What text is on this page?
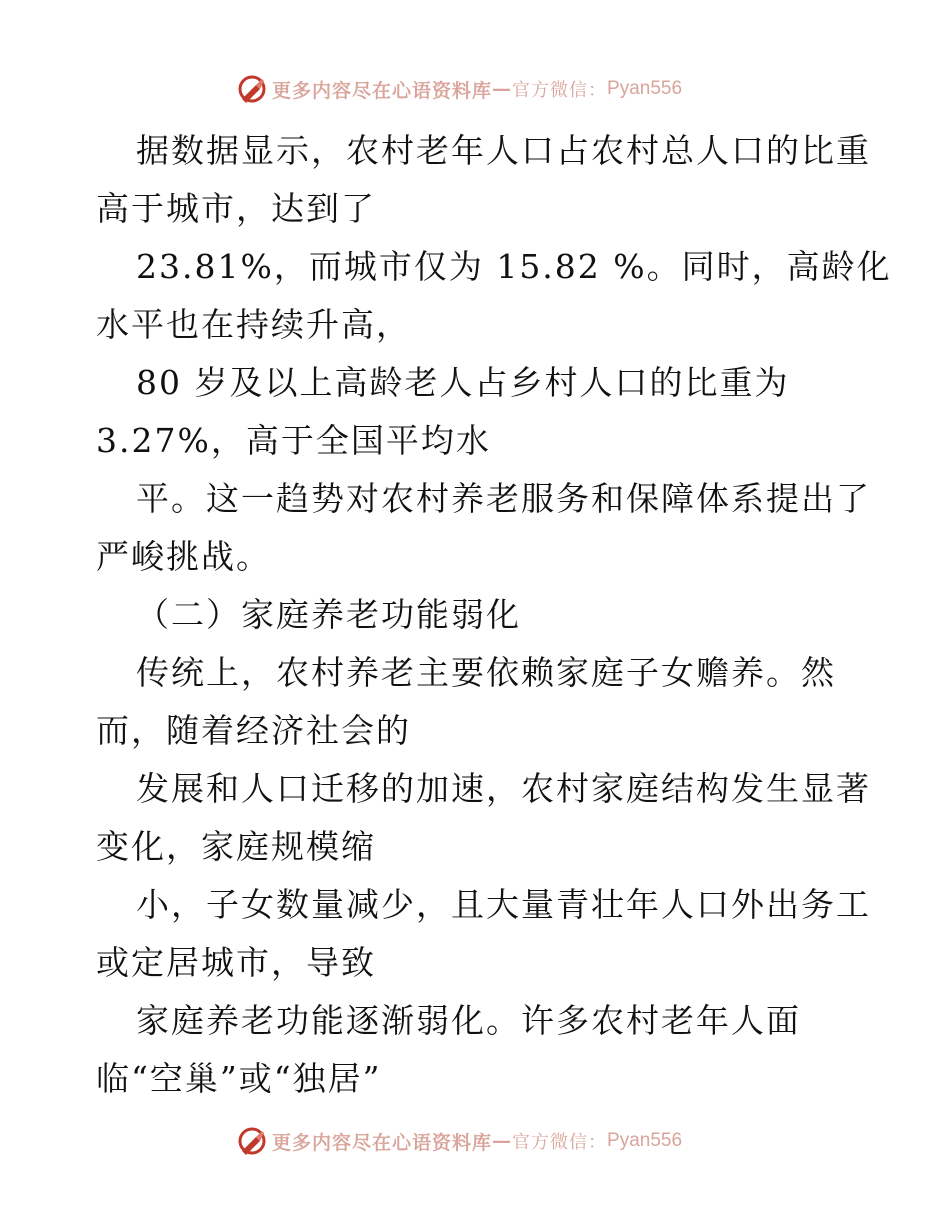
更多内容尽在心语资料库 — 官方微信： Pyan556
据数据显示，农村老年人口占农村总人口的比重
高于城市，达到了
23.81%，而城市仅为 15.82 %。同时，高龄化
水平也在持续升高，
80 岁及以上高龄老人占乡村人口的比重为
3.27%，高于全国平均水
平。这一趋势对农村养老服务和保障体系提出了
严峻挑战。
（二）家庭养老功能弱化
传统上，农村养老主要依赖家庭子女赡养。然
而，随着经济社会的
发展和人口迁移的加速，农村家庭结构发生显著
变化，家庭规模缩
小，子女数量减少，且大量青壮年人口外出务工
或定居城市，导致
家庭养老功能逐渐弱化。许多农村老年人面
临“空巢”或“独居”
更多内容尽在心语资料库 — 官方微信： Pyan556
